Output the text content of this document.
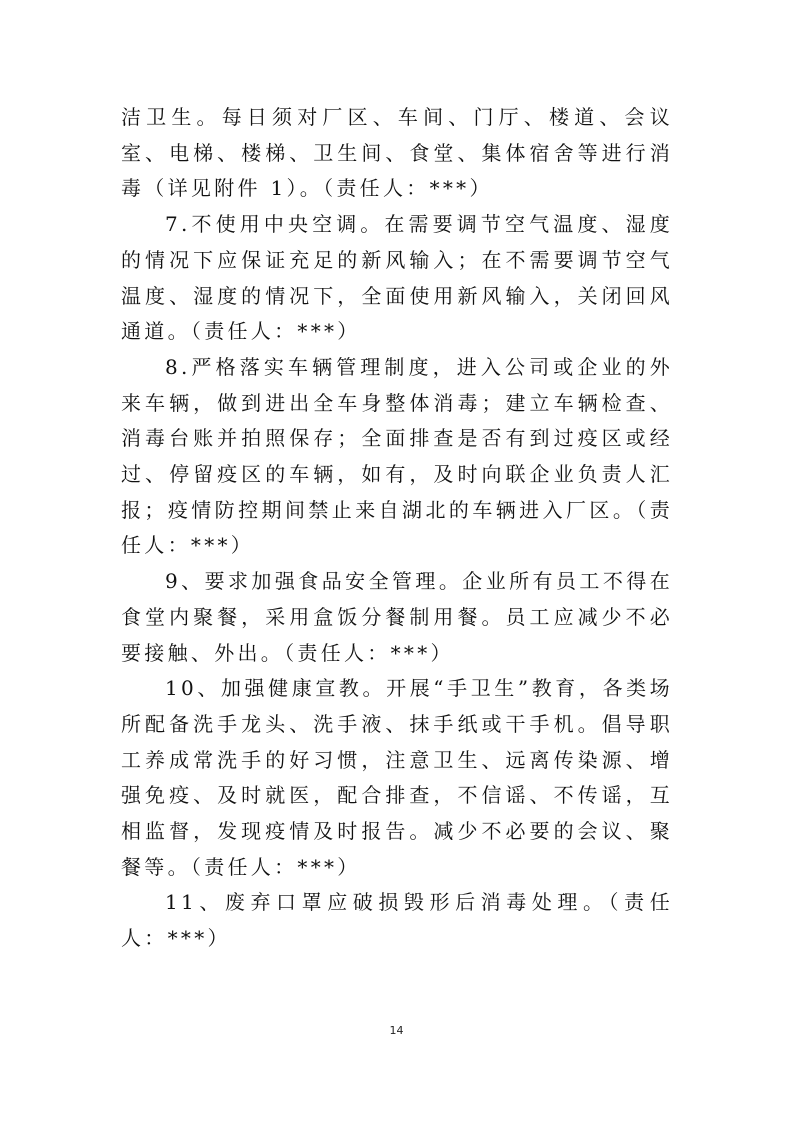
洁卫生。每日须对厂区、车间、门厅、楼道、会议室、电梯、楼梯、卫生间、食堂、集体宿舍等进行消毒（详见附件 1）。（责任人：***）

7.不使用中央空调。在需要调节空气温度、湿度的情况下应保证充足的新风输入；在不需要调节空气温度、湿度的情况下，全面使用新风输入，关闭回风通道。（责任人：***）

8.严格落实车辆管理制度，进入公司或企业的外来车辆，做到进出全车身整体消毒；建立车辆检查、消毒台账并拍照保存；全面排查是否有到过疫区或经过、停留疫区的车辆，如有，及时向联企业负责人汇报；疫情防控期间禁止来自湖北的车辆进入厂区。（责任人：***）

9、要求加强食品安全管理。企业所有员工不得在食堂内聚餐，采用盒饭分餐制用餐。员工应减少不必要接触、外出。（责任人：***）

10、加强健康宣教。开展“手卫生”教育，各类场所配备洗手龙头、洗手液、抹手纸或干手机。倡导职工养成常洗手的好习惯，注意卫生、远离传染源、增强免疫、及时就医，配合排查，不信谣、不传谣，互相监督，发现疫情及时报告。减少不必要的会议、聚餐等。（责任人：***）

11、废弃口罩应破损毁形后消毒处理。（责任人：***）

14
